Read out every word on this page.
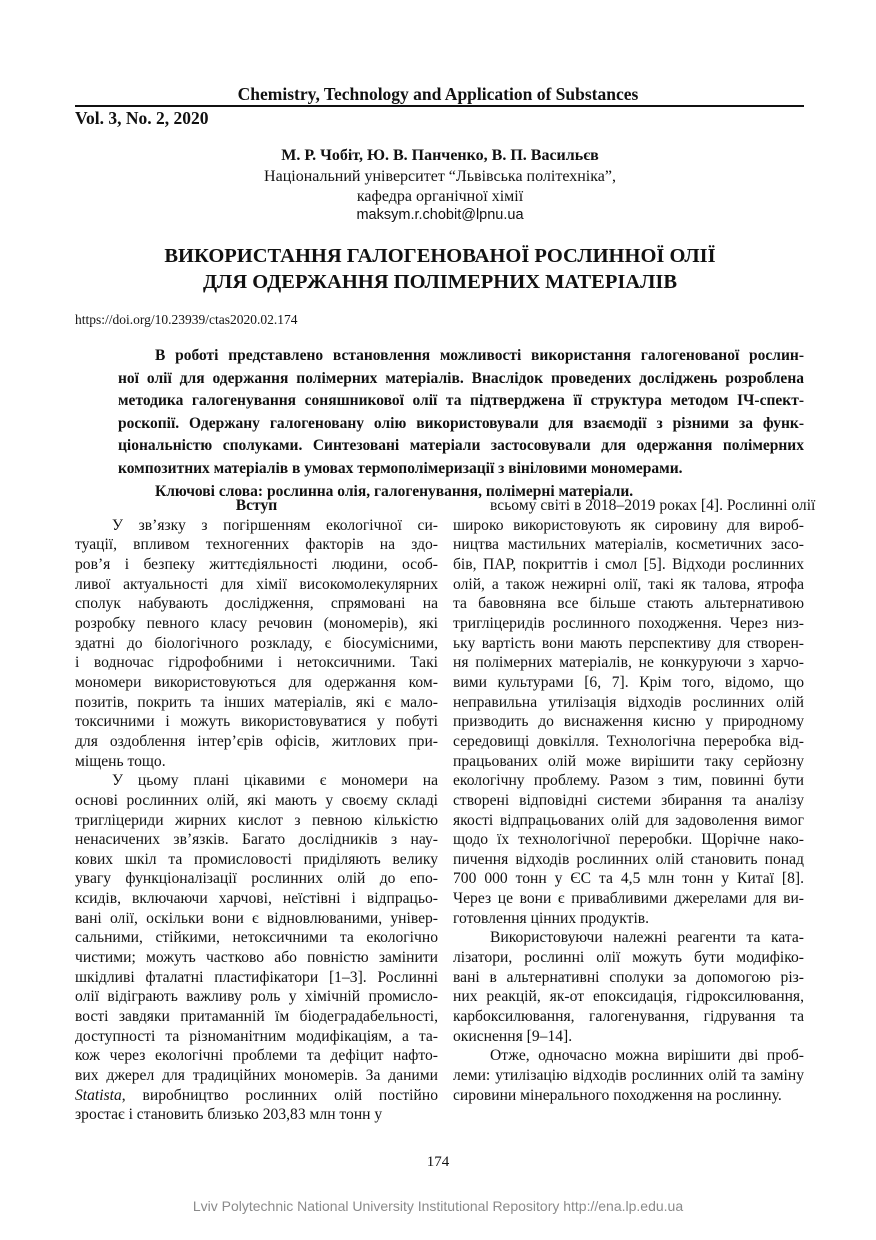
Chemistry, Technology and Application of Substances
Vol. 3, No. 2, 2020
М. Р. Чобіт, Ю. В. Панченко, В. П. Васильєв
Національний університет “Львівська політехніка”,
кафедра органічної хімії
maksym.r.chobit@lpnu.ua
ВИКОРИСТАННЯ ГАЛОГЕНОВАНОЇ РОСЛИННОЇ ОЛІЇ
ДЛЯ ОДЕРЖАННЯ ПОЛІМЕРНИХ МАТЕРІАЛІВ
https://doi.org/10.23939/ctas2020.02.174
В роботі представлено встановлення можливості використання галогенованої рослин-
ної олії для одержання полімерних матеріалів. Внаслідок проведених досліджень розроблена
методика галогенування соняшникової олії та підтверджена її структура методом ІЧ-спект-
роскопії. Одержану галогеновану олію використовували для взаємодії з різними за функ-
ціональністю сполуками. Синтезовані матеріали застосовували для одержання полімерних
композитних матеріалів в умовах термополімеризації з вініловими мономерами.
Ключові слова: рослинна олія, галогенування, полімерні матеріали.
Вступ
У зв’язку з погіршенням екологічної си-
туації, впливом техногенних факторів на здо-
ров’я і безпеку життєдіяльності людини, особ-
ливої актуальності для хімії високомолекулярних
сполук набувають дослідження, спрямовані на
розробку певного класу речовин (мономерів), які
здатні до біологічного розкладу, є біосумісними,
і водночас гідрофобними і нетоксичними. Такі
мономери використовуються для одержання ком-
позитів, покрить та інших матеріалів, які є мало-
токсичними і можуть використовуватися у побуті
для оздоблення інтер’єрів офісів, житлових при-
міщень тощо.
У цьому плані цікавими є мономери на
основі рослинних олій, які мають у своєму складі
тригліцериди жирних кислот з певною кількістю
ненасичених зв’язків. Багато дослідників з нау-
кових шкіл та промисловості приділяють велику
увагу функціоналізації рослинних олій до епо-
ксидів, включаючи харчові, неїстівні і відпрацьо-
вані олії, оскільки вони є відновлюваними, універ-
сальними, стійкими, нетоксичними та екологічно
чистими; можуть частково або повністю замінити
шкідливі фталатні пластифікатори [1–3]. Рослинні
олії відіграють важливу роль у хімічній промисло-
вості завдяки притаманній їм біодеградабельності,
доступності та різноманітним модифікаціям, а та-
кож через екологічні проблеми та дефіцит нафто-
вих джерел для традиційних мономерів. За даними
Statista, виробництво рослинних олій постійно
зростає і становить близько 203,83 млн тонн у
всьому світі в 2018–2019 роках [4]. Рослинні олії
широко використовують як сировину для вироб-
ництва мастильних матеріалів, косметичних засо-
бів, ПАР, покриттів і смол [5]. Відходи рослинних
олій, а також нежирні олії, такі як талова, ятрофа
та бавовняна все більше стають альтернативою
тригліцеридів рослинного походження. Через низ-
ьку вартість вони мають перспективу для створен-
ня полімерних матеріалів, не конкуруючи з харчо-
вими культурами [6, 7]. Крім того, відомо, що
неправильна утилізація відходів рослинних олій
призводить до виснаження кисню у природному
середовищі довкілля. Технологічна переробка від-
працьованих олій може вирішити таку серйозну
екологічну проблему. Разом з тим, повинні бути
створені відповідні системи збирання та аналізу
якості відпрацьованих олій для задоволення вимог
щодо їх технологічної переробки. Щорічне нако-
пичення відходів рослинних олій становить понад
700 000 тонн у ЄС та 4,5 млн тонн у Китаї [8].
Через це вони є привабливими джерелами для ви-
готовлення цінних продуктів.
Використовуючи належні реагенти та ката-
лізатори, рослинні олії можуть бути модифіко-
вані в альтернативні сполуки за допомогою різ-
них реакцій, як-от епоксидація, гідроксилювання,
карбоксилювання, галогенування, гідрування та
окиснення [9–14].
Отже, одночасно можна вирішити дві проб-
леми: утилізацію відходів рослинних олій та заміну
сировини мінерального походження на рослинну.
174
Lviv Polytechnic National University Institutional Repository http://ena.lp.edu.ua
